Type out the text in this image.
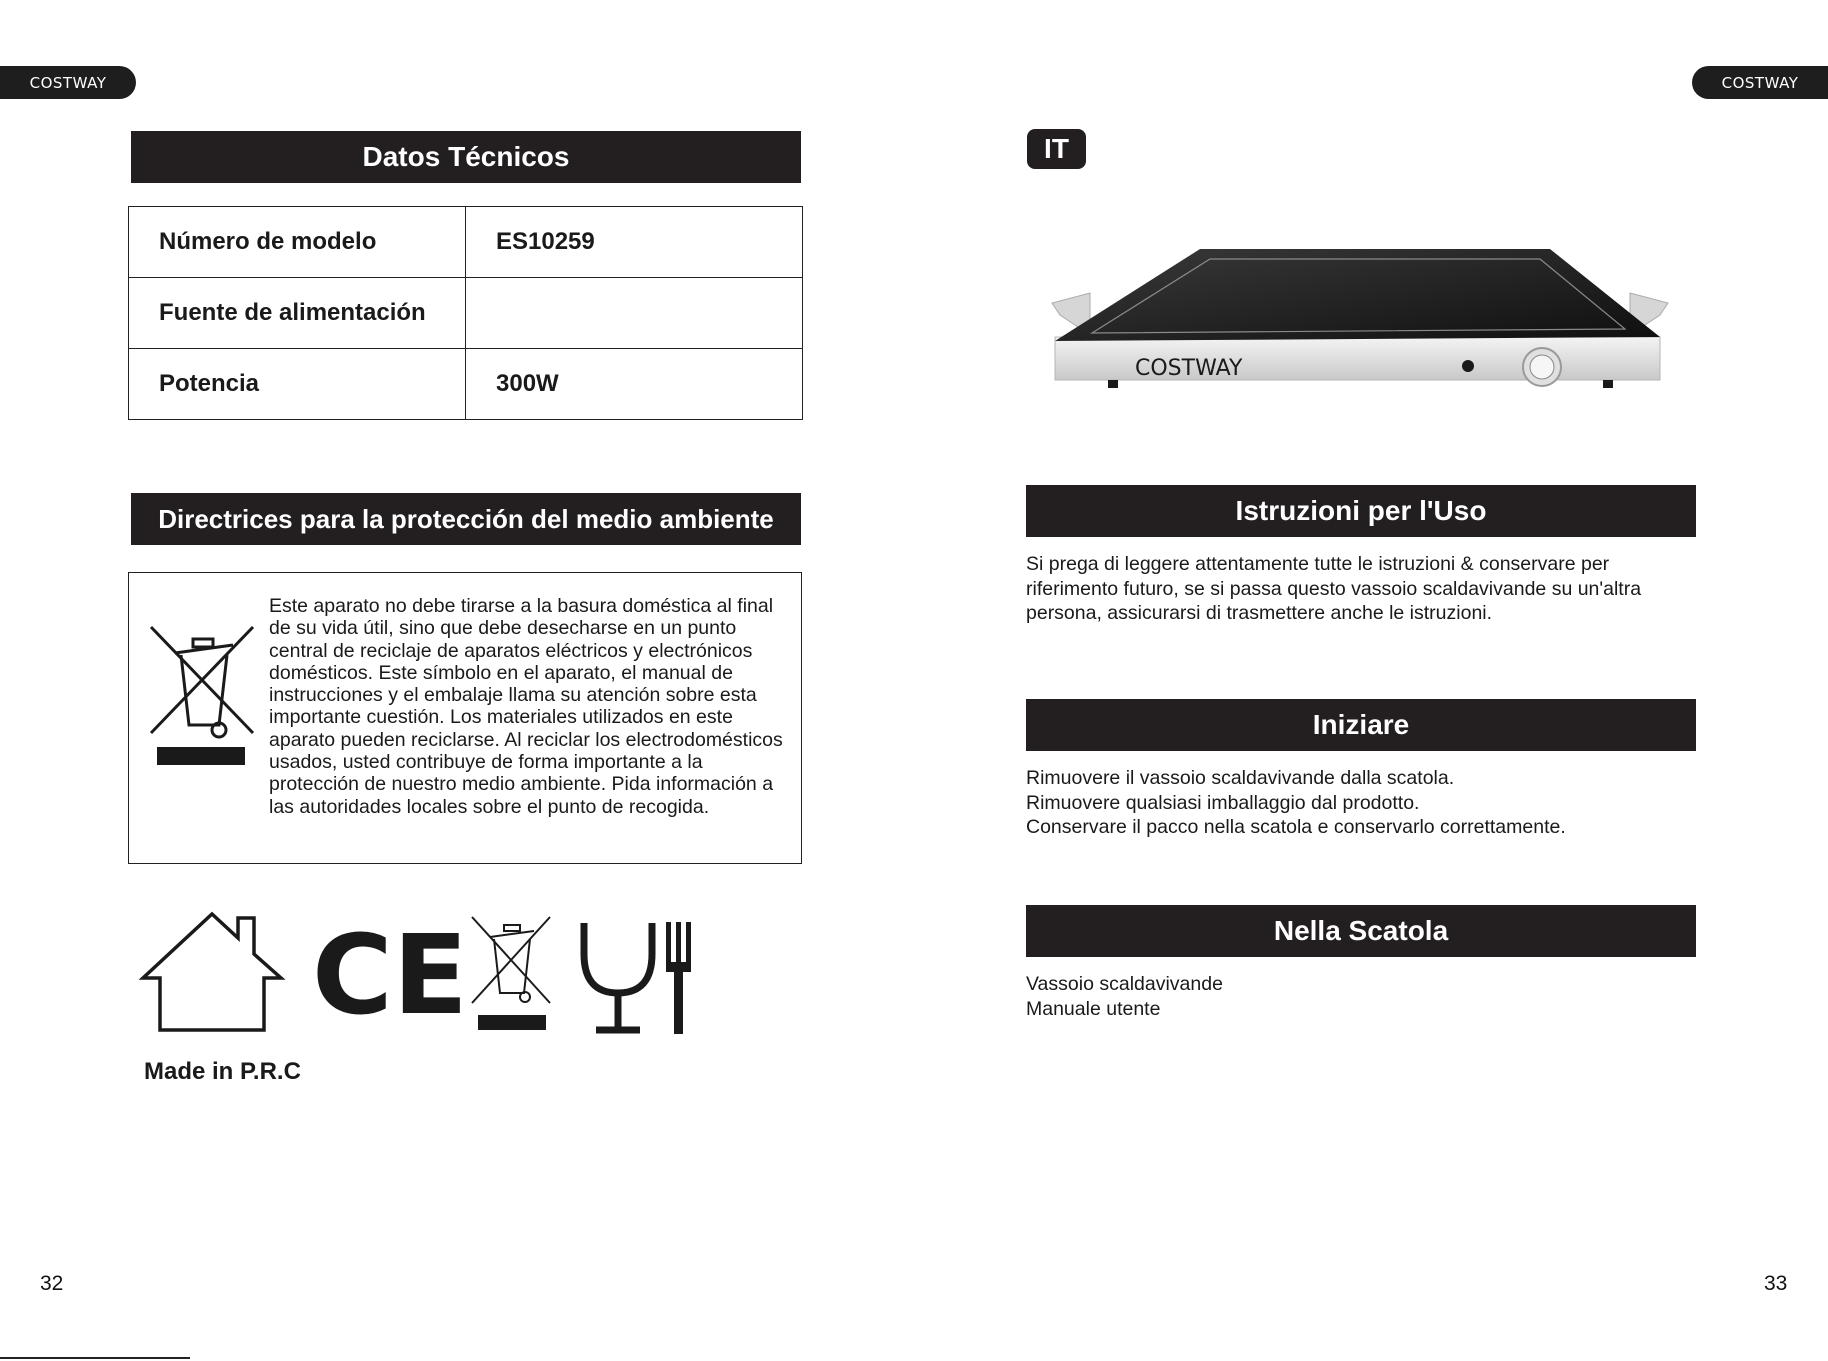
COSTWAY	COSTWAY
Datos Técnicos
Número de modelo	ES10259
Fuente de alimentación	
Potencia	300W
Directrices para la protección del medio ambiente
Este aparato no debe tirarse a la basura doméstica al final de su vida útil, sino que debe desecharse en un punto central de reciclaje de aparatos eléctricos y electrónicos domésticos. Este símbolo en el aparato, el manual de instrucciones y el embalaje llama su atención sobre esta importante cuestión. Los materiales utilizados en este aparato pueden reciclarse. Al reciclar los electrodomésticos usados, usted contribuye de forma importante a la protección de nuestro medio ambiente. Pida información a las autoridades locales sobre el punto de recogida.
CE
Made in P.R.C
32
IT
COSTWAY
Istruzioni per l'Uso
Si prega di leggere attentamente tutte le istruzioni & conservare per
riferimento futuro, se si passa questo vassoio scaldavivande su un'altra
persona, assicurarsi di trasmettere anche le istruzioni.
Iniziare
Rimuovere il vassoio scaldavivande dalla scatola.
Rimuovere qualsiasi imballaggio dal prodotto.
Conservare il pacco nella scatola e conservarlo correttamente.
Nella Scatola
Vassoio scaldavivande
Manuale utente
33
